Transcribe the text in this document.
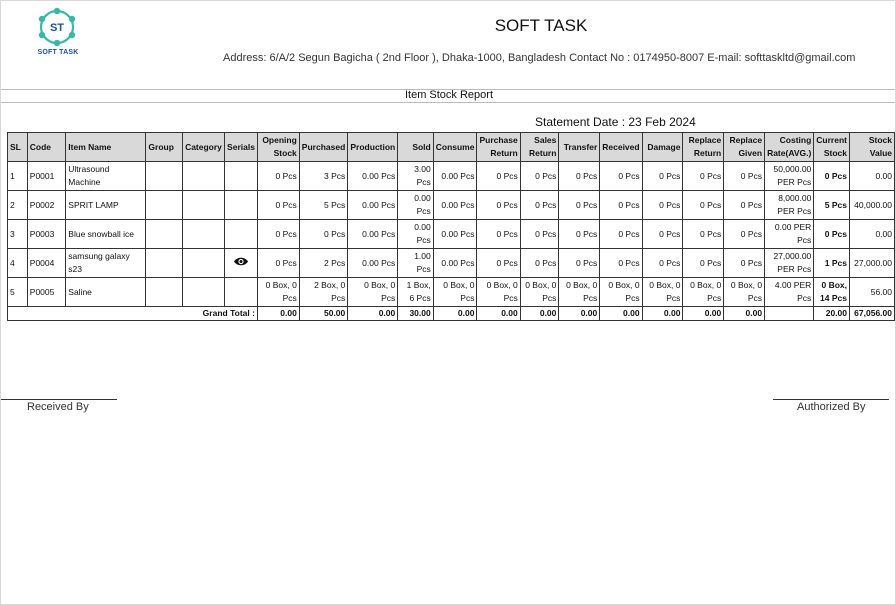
ST
SOFT TASK
SOFT TASK
Address: 6/A/2 Segun Bagicha ( 2nd Floor ), Dhaka-1000, Bangladesh Contact No : 0174950-8007 E-mail: softtaskltd@gmail.com
Item Stock Report
Statement Date : 23 Feb 2024
SL	Code	Item Name	Group	Category	Serials	Opening Stock	Purchased	Production	Sold	Consume	Purchase Return	Sales Return	Transfer	Received	Damage	Replace Return	Replace Given	Costing Rate(AVG.)	Current Stock	Stock Value
1	P0001	Ultrasound Machine				0 Pcs	3 Pcs	0.00 Pcs	3.00 Pcs	0.00 Pcs	0 Pcs	0 Pcs	0 Pcs	0 Pcs	0 Pcs	0 Pcs	0 Pcs	50,000.00 PER Pcs	0 Pcs	0.00
2	P0002	SPRIT LAMP				0 Pcs	5 Pcs	0.00 Pcs	0.00 Pcs	0.00 Pcs	0 Pcs	0 Pcs	0 Pcs	0 Pcs	0 Pcs	0 Pcs	0 Pcs	8,000.00 PER Pcs	5 Pcs	40,000.00
3	P0003	Blue snowball ice				0 Pcs	0 Pcs	0.00 Pcs	0.00 Pcs	0.00 Pcs	0 Pcs	0 Pcs	0 Pcs	0 Pcs	0 Pcs	0 Pcs	0 Pcs	0.00 PER Pcs	0 Pcs	0.00
4	P0004	samsung galaxy s23				0 Pcs	2 Pcs	0.00 Pcs	1.00 Pcs	0.00 Pcs	0 Pcs	0 Pcs	0 Pcs	0 Pcs	0 Pcs	0 Pcs	0 Pcs	27,000.00 PER Pcs	1 Pcs	27,000.00
5	P0005	Saline				0 Box, 0 Pcs	2 Box, 0 Pcs	0 Box, 0 Pcs	1 Box, 6 Pcs	0 Box, 0 Pcs	0 Box, 0 Pcs	0 Box, 0 Pcs	0 Box, 0 Pcs	0 Box, 0 Pcs	0 Box, 0 Pcs	0 Box, 0 Pcs	0 Box, 0 Pcs	4.00 PER Pcs	0 Box, 14 Pcs	56.00
Grand Total :						0.00	50.00	0.00	30.00	0.00	0.00	0.00	0.00	0.00	0.00	0.00	0.00		20.00	67,056.00
Received By	Authorized By
